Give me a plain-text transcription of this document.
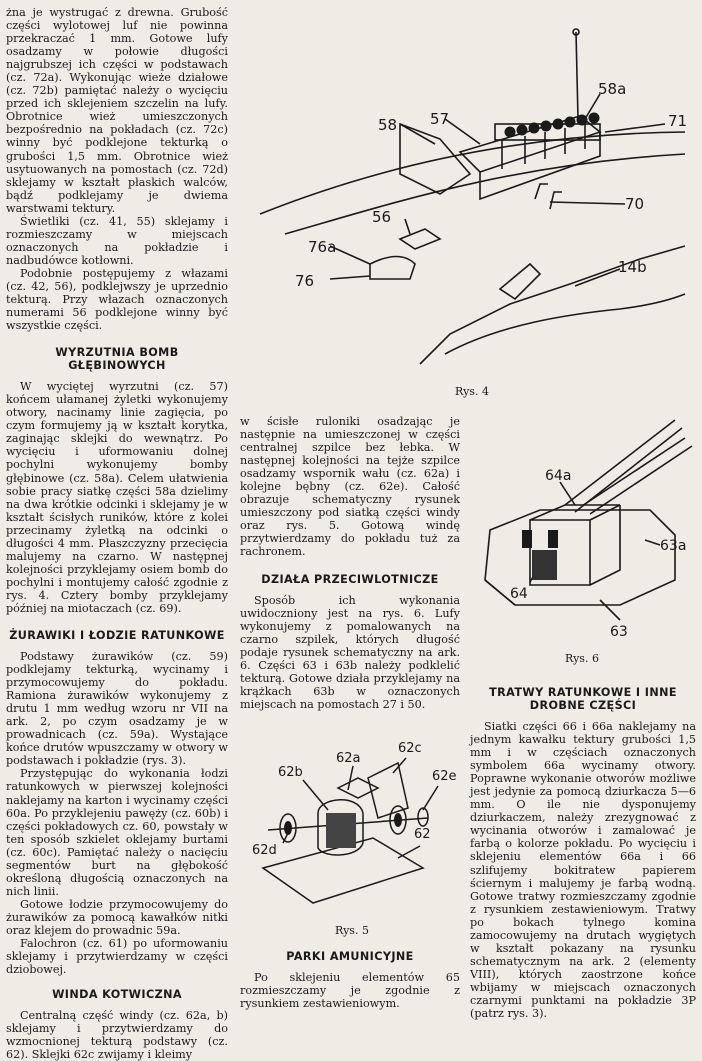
żna je wystrugać z drewna. Grubość części wylotowej luf nie powinna przekraczać 1 mm. Gotowe lufy osadzamy w połowie długości najgrubszej ich części w podstawach (cz. 72a). Wykonując wieże działowe (cz. 72b) pamiętać należy o wycięciu przed ich sklejeniem szczelin na lufy. Obrotnice wież umieszczonych bezpośrednio na pokładach (cz. 72c) winny być podklejone tekturką o grubości 1,5 mm. Obrotnice wież usytuowanych na pomostach (cz. 72d) sklejamy w kształt płaskich walców, bądź podklejamy je dwiema warstwami tektury.

Świetliki (cz. 41, 55) sklejamy i rozmieszczamy w miejscach oznaczonych na pokładzie i nadbudówce kotłowni.

Podobnie postępujemy z włazami (cz. 42, 56), podklejwszy je uprzednio tekturą. Przy włazach oznaczonych numerami 56 podklejone winny być wszystkie części.

WYRZUTNIA BOMB GŁĘBINOWYCH

W wyciętej wyrzutni (cz. 57) końcem ułamanej żyletki wykonujemy otwory, nacinamy linie zagięcia, po czym formujemy ją w kształt korytka, zaginając sklejki do wewnątrz. Po wycięciu i uformowaniu dolnej pochylni wykonujemy bomby głębinowe (cz. 58a). Celem ułatwienia sobie pracy siatkę części 58a dzielimy na dwa krótkie odcinki i sklejamy je w kształt ścisłych runików, które z kolei przecinamy żyletką na odcinki o długości 4 mm. Płaszczyzny przecięcia malujemy na czarno. W następnej kolejności przyklejamy osiem bomb do pochylni i montujemy całość zgodnie z rys. 4. Cztery bomby przyklejamy później na miotaczach (cz. 69).

ŻURAWIKI I ŁODZIE RATUNKOWE

Podstawy żurawików (cz. 59) podklejamy tekturką, wycinamy i przymocowujemy do pokładu. Ramiona żurawików wykonujemy z drutu 1 mm według wzoru nr VII na ark. 2, po czym osadzamy je w prowadnicach (cz. 59a). Wystające końce drutów wpuszczamy w otwory w podstawach i pokładzie (rys. 3).

Przystępując do wykonania łodzi ratunkowych w pierwszej kolejności naklejamy na karton i wycinamy części 60a. Po przyklejeniu pawęży (cz. 60b) i części pokładowych cz. 60, powstały w ten sposób szkielet oklejamy burtami (cz. 60c). Pamiętać należy o nacięciu segmentów burt na głębokość określoną długością oznaczonych na nich linii.

Gotowe łodzie przymocowujemy do żurawików za pomocą kawałków nitki oraz klejem do prowadnic 59a.

Falochron (cz. 61) po uformowaniu sklejamy i przytwierdzamy w części dziobowej.

WINDA KOTWICZNA

Centralną część windy (cz. 62a, b) sklejamy i przytwierdzamy do wzmocnionej tekturą podstawy (cz. 62). Sklejki 62c zwijamy i kleimy

58 57
58a
71
70
56
76a
76
14b
Rys. 4

w ścisłe ruloniki osadzając je następnie na umieszczonej w części centralnej szpilce bez łebka. W następnej kolejności na tejże szpilce osadzamy wspornik wału (cz. 62a) i kolejne bębny (cz. 62e). Całość obrazuje schematyczny rysunek umieszczony pod siatką części windy oraz rys. 5. Gotową windę przytwierdzamy do pokładu tuż za rachronem.

DZIAŁA PRZECIWLOTNICZE

Sposób ich wykonania uwidoczniony jest na rys. 6. Lufy wykonujemy z pomalowanych na czarno szpilek, których długość podaje rysunek schematyczny na ark. 6. Części 63 i 63b należy podklelić tekturą. Gotowe działa przyklejamy na krążkach 63b w oznaczonych miejscach na pomostach 27 i 50.

62b
62a
62c
62e
62d
62
Rys. 5
PARKI AMUNICYJNE

Po sklejeniu elementów 65 rozmieszczamy je zgodnie z rysunkiem zestawieniowym.

64a
63a
64
63
Rys. 6
TRATWY RATUNKOWE I INNE DROBNE CZĘŚCI

Siatki części 66 i 66a naklejamy na jednym kawałku tektury grubości 1,5 mm i w częściach oznaczonych symbolem 66a wycinamy otwory. Poprawne wykonanie otworów możliwe jest jedynie za pomocą dziurkacza 5—6 mm. O ile nie dysponujemy dziurkaczem, należy zrezygnować z wycinania otworów i zamalować je farbą o kolorze pokładu. Po wycięciu i sklejeniu elementów 66a i 66 szlifujemy bokitratew papierem ściernym i malujemy je farbą wodną. Gotowe tratwy rozmieszczamy zgodnie z rysunkiem zestawieniowym. Tratwy po bokach tylnego komina zamocowujemy na drutach wygiętych w kształt pokazany na rysunku schematycznym na ark. 2 (elementy VIII), których zaostrzone końce wbijamy w miejscach oznaczonych czarnymi punktami na pokładzie 3P (patrz rys. 3).
